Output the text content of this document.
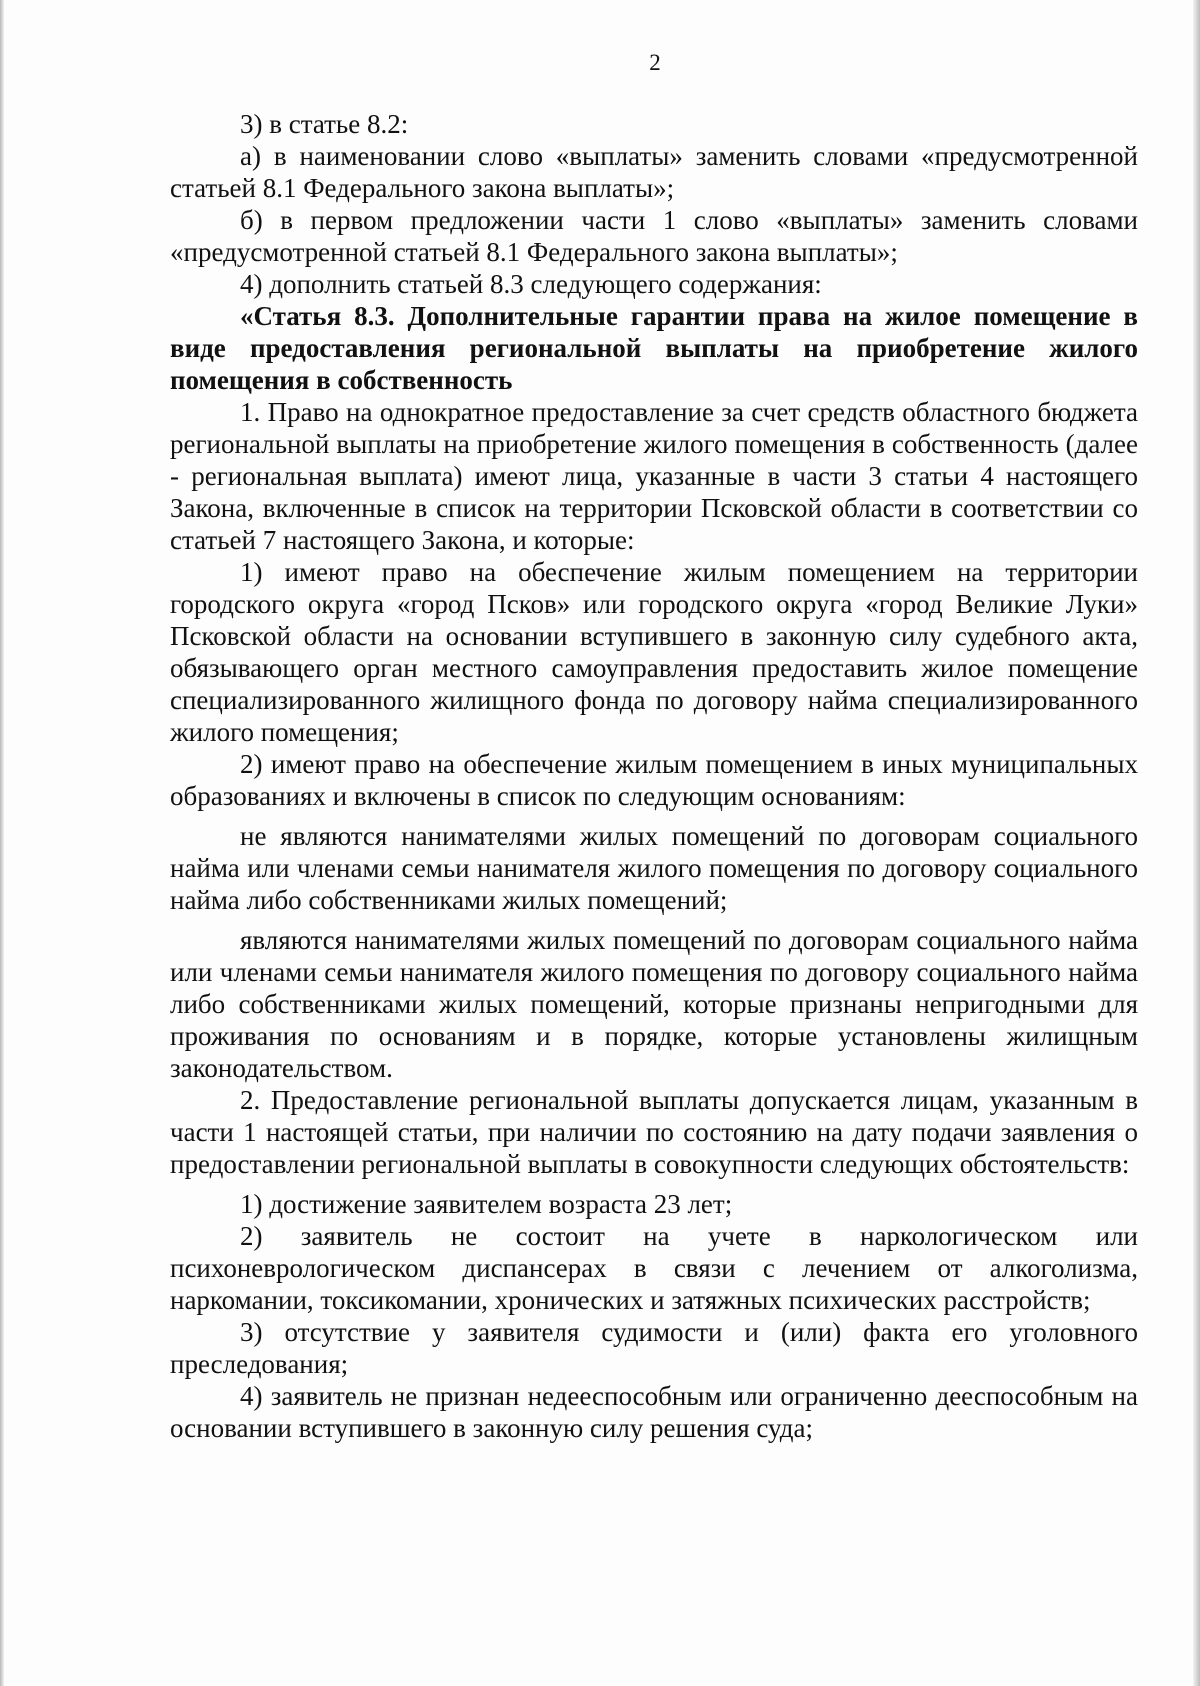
2

3) в статье 8.2:

а) в наименовании слово «выплаты» заменить словами «предусмотренной статьей 8.1 Федерального закона выплаты»;

б) в первом предложении части 1 слово «выплаты» заменить словами «предусмотренной статьей 8.1 Федерального закона выплаты»;

4) дополнить статьей 8.3 следующего содержания:

«Статья 8.3. Дополнительные гарантии права на жилое помещение в виде предоставления региональной выплаты на приобретение жилого помещения в собственность

1. Право на однократное предоставление за счет средств областного бюджета региональной выплаты на приобретение жилого помещения в собственность (далее - региональная выплата) имеют лица, указанные в части 3 статьи 4 настоящего Закона, включенные в список на территории Псковской области в соответствии со статьей 7 настоящего Закона, и которые:

1) имеют право на обеспечение жилым помещением на территории городского округа «город Псков» или городского округа «город Великие Луки» Псковской области на основании вступившего в законную силу судебного акта, обязывающего орган местного самоуправления предоставить жилое помещение специализированного жилищного фонда по договору найма специализированного жилого помещения;

2) имеют право на обеспечение жилым помещением в иных муниципальных образованиях и включены в список по следующим основаниям:

не являются нанимателями жилых помещений по договорам социального найма или членами семьи нанимателя жилого помещения по договору социального найма либо собственниками жилых помещений;

являются нанимателями жилых помещений по договорам социального найма или членами семьи нанимателя жилого помещения по договору социального найма либо собственниками жилых помещений, которые признаны непригодными для проживания по основаниям и в порядке, которые установлены жилищным законодательством.

2. Предоставление региональной выплаты допускается лицам, указанным в части 1 настоящей статьи, при наличии по состоянию на дату подачи заявления о предоставлении региональной выплаты в совокупности следующих обстоятельств:

1) достижение заявителем возраста 23 лет;

2) заявитель не состоит на учете в наркологическом или психоневрологическом диспансерах в связи с лечением от алкоголизма, наркомании, токсикомании, хронических и затяжных психических расстройств;

3) отсутствие у заявителя судимости и (или) факта его уголовного преследования;

4) заявитель не признан недееспособным или ограниченно дееспособным на основании вступившего в законную силу решения суда;
